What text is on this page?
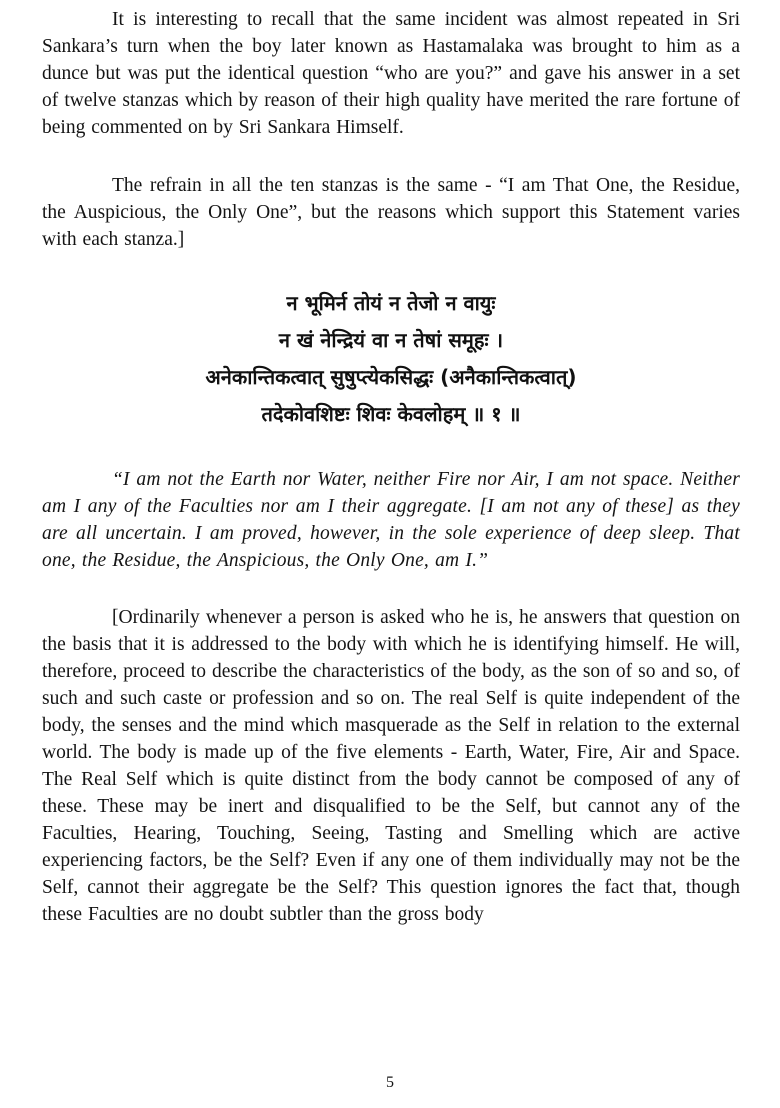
It is interesting to recall that the same incident was almost repeated in Sri Sankara’s turn when the boy later known as Hastamalaka was brought to him as a dunce but was put the identical question “who are you?” and gave his answer in a set of twelve stanzas which by reason of their high quality have merited the rare fortune of being commented on by Sri Sankara Himself.

The refrain in all the ten stanzas is the same - “I am That One, the Residue, the Auspicious, the Only One”, but the reasons which support this Statement varies with each stanza.]

न भूमिर्न तोयं न तेजो न वायुः
न खं नेन्द्रियं वा न तेषां समूहः ।
अनेकान्तिकत्वात् सुषुप्त्येकसिद्धः (अनैकान्तिकत्वात्)
तदेकोवशिष्टः शिवः केवलोहम् ॥ १ ॥

“I am not the Earth nor Water, neither Fire nor Air, I am not space. Neither am I any of the Faculties nor am I their aggregate. [I am not any of these] as they are all uncertain. I am proved, however, in the sole experience of deep sleep. That one, the Residue, the Anspicious, the Only One, am I.”

[Ordinarily whenever a person is asked who he is, he answers that question on the basis that it is addressed to the body with which he is identifying himself. He will, therefore, proceed to describe the characteristics of the body, as the son of so and so, of such and such caste or profession and so on. The real Self is quite independent of the body, the senses and the mind which masquerade as the Self in relation to the external world. The body is made up of the five elements - Earth, Water, Fire, Air and Space. The Real Self which is quite distinct from the body cannot be composed of any of these. These may be inert and disqualified to be the Self, but cannot any of the Faculties, Hearing, Touching, Seeing, Tasting and Smelling which are active experiencing factors, be the Self? Even if any one of them individually may not be the Self, cannot their aggregate be the Self? This question ignores the fact that, though these Faculties are no doubt subtler than the gross body

5
